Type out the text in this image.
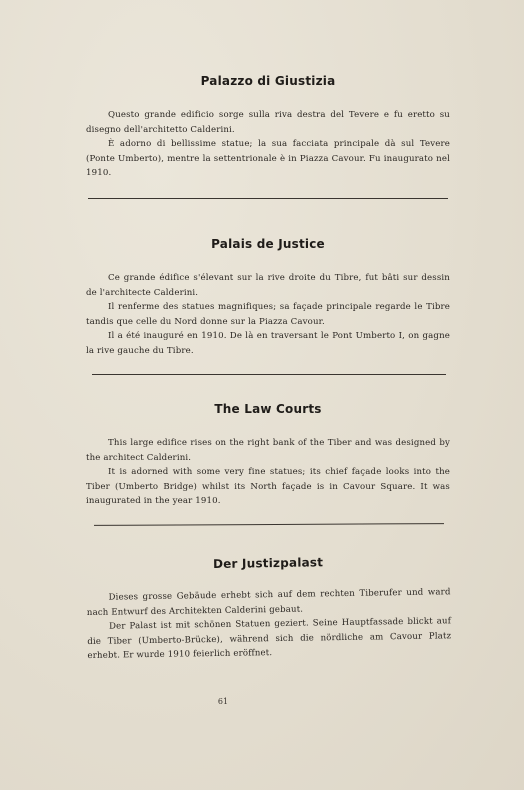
Palazzo di Giustizia

Questo grande edificio sorge sulla riva destra del Tevere e fu eretto su disegno dell'architetto Calderini.

È adorno di bellissime statue; la sua facciata principale dà sul Tevere (Ponte Umberto), mentre la settentrionale è in Piazza Cavour. Fu inaugurato nel 1910.

Palais de Justice

Ce grande édifice s'élevant sur la rive droite du Tibre, fut bâti sur dessin de l'architecte Calderini.

Il renferme des statues magnifiques; sa façade principale regarde le Tibre tandis que celle du Nord donne sur la Piazza Cavour.

Il a été inauguré en 1910. De là en traversant le Pont Umberto I, on gagne la rive gauche du Tibre.

The Law Courts

This large edifice rises on the right bank of the Tiber and was designed by the architect Calderini.

It is adorned with some very fine statues; its chief façade looks into the Tiber (Umberto Bridge) whilst its North façade is in Cavour Square. It was inaugurated in the year 1910.

Der Justizpalast

Dieses grosse Gebäude erhebt sich auf dem rechten Tiberufer und ward nach Entwurf des Architekten Calderini gebaut.

Der Palast ist mit schönen Statuen geziert. Seine Hauptfassade blickt auf die Tiber (Umberto-Brücke), während sich die nördliche am Cavour Platz erhebt. Er wurde 1910 feierlich eröffnet.

61
